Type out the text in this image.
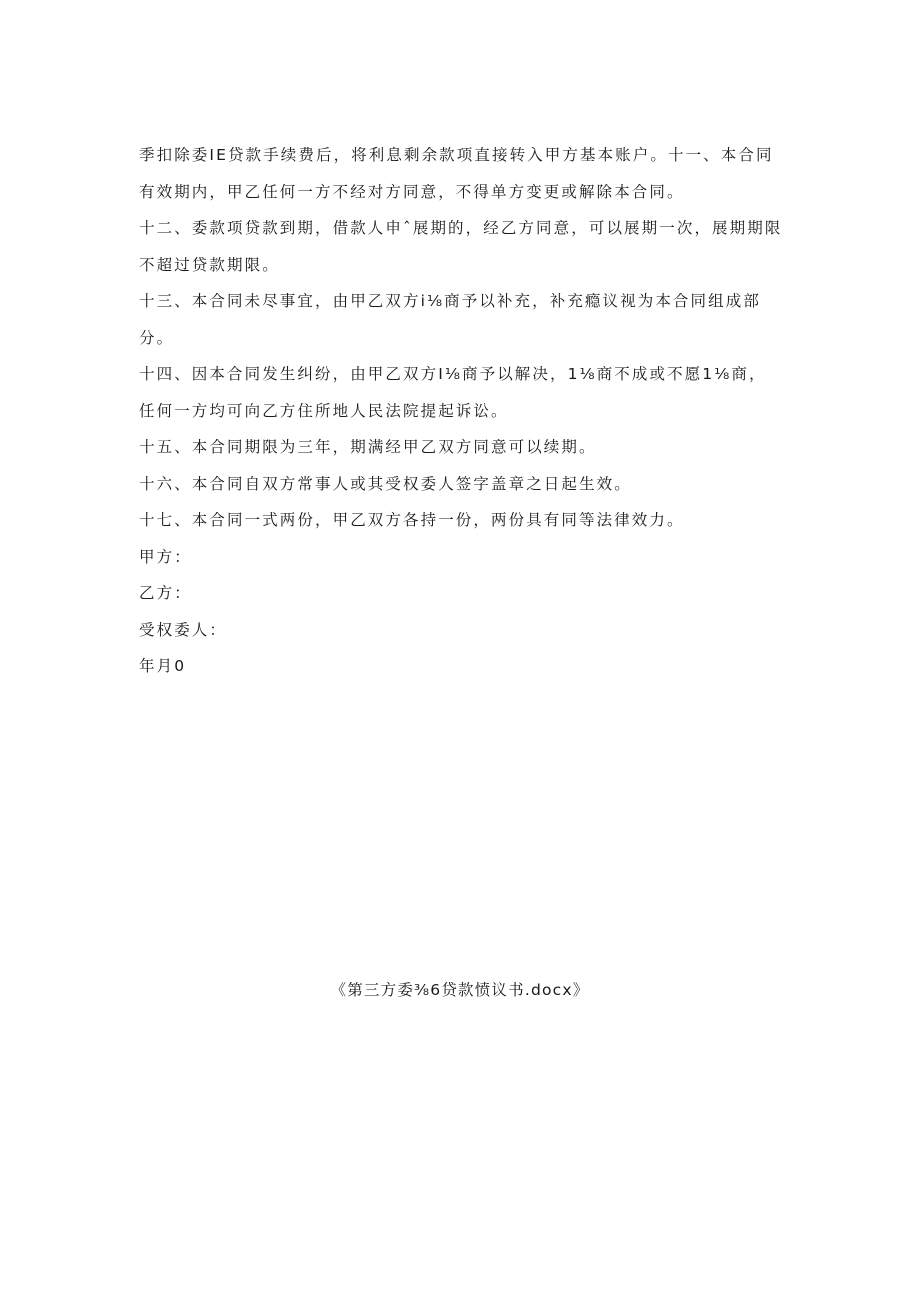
季扣除委IE贷款手续费后，将利息剩余款项直接转入甲方基本账户。十一、本合同有效期内，甲乙任何一方不经对方同意，不得单方变更或解除本合同。

十二、委款项贷款到期，借款人申ˆ展期的，经乙方同意，可以展期一次，展期期限不超过贷款期限。

十三、本合同未尽事宜，由甲乙双方i⅛商予以补充，补充瘾议视为本合同组成部分。

十四、因本合同发生纠纷，由甲乙双方I⅛商予以解决，1⅛商不成或不愿1⅛商，任何一方均可向乙方住所地人民法院提起诉讼。

十五、本合同期限为三年，期满经甲乙双方同意可以续期。

十六、本合同自双方常事人或其受权委人签字盖章之日起生效。

十七、本合同一式两份，甲乙双方各持一份，两份具有同等法律效力。

甲方：

乙方：

受权委人：

年月0

《第三方委⅜6贷款愤议书.docx》
